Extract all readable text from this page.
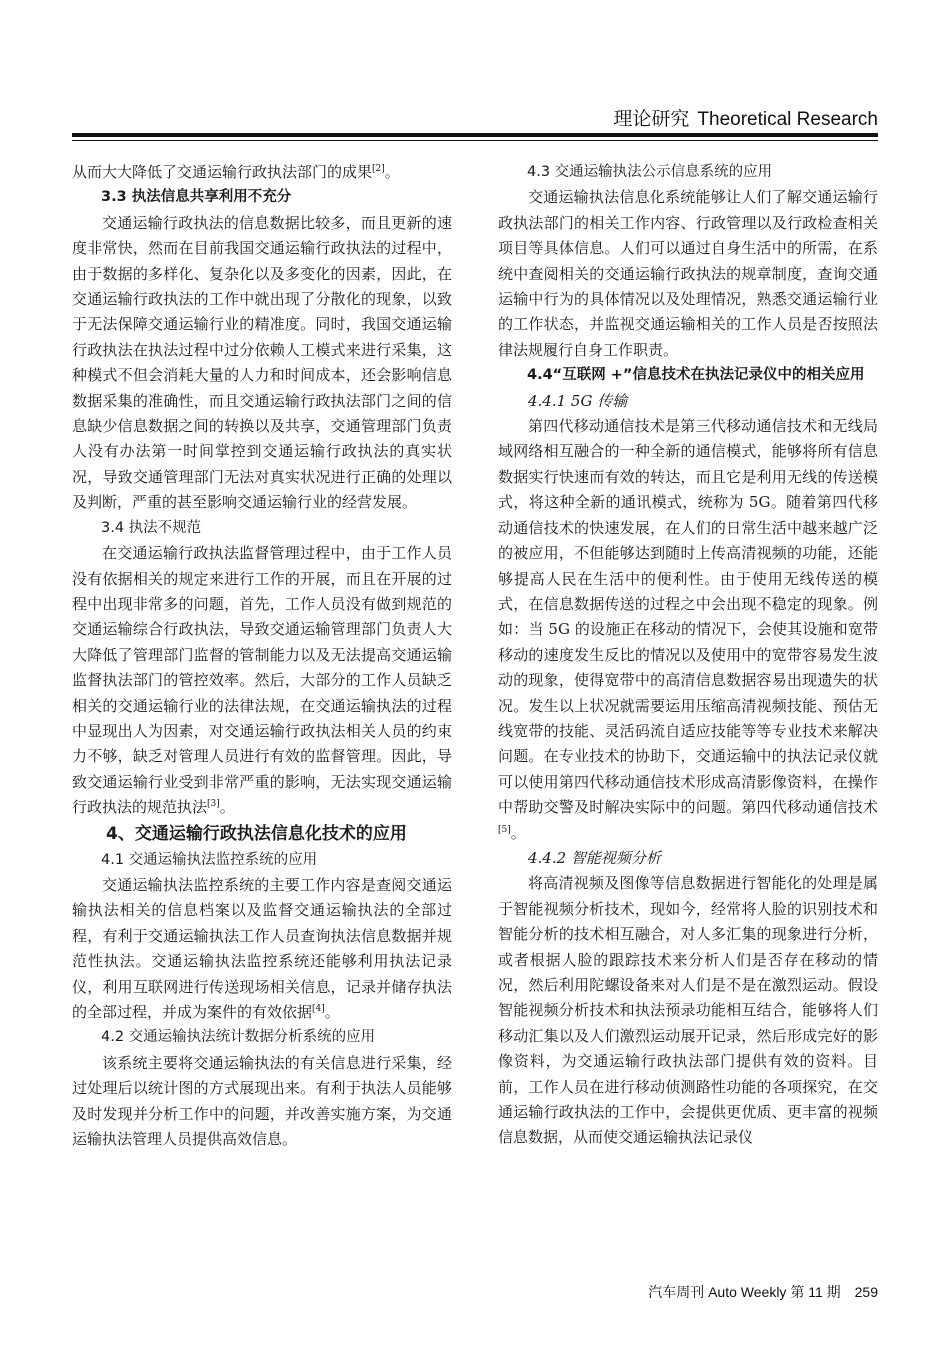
理论研究 Theoretical Research

从而大大降低了交通运输行政执法部门的成果[2]。

3.3 执法信息共享利用不充分

交通运输行政执法的信息数据比较多，而且更新的速度非常快，然而在目前我国交通运输行政执法的过程中，由于数据的多样化、复杂化以及多变化的因素，因此，在交通运输行政执法的工作中就出现了分散化的现象，以致于无法保障交通运输行业的精准度。同时，我国交通运输行政执法在执法过程中过分依赖人工模式来进行采集，这种模式不但会消耗大量的人力和时间成本，还会影响信息数据采集的准确性，而且交通运输行政执法部门之间的信息缺少信息数据之间的转换以及共享，交通管理部门负责人没有办法第一时间掌控到交通运输行政执法的真实状况，导致交通管理部门无法对真实状况进行正确的处理以及判断，严重的甚至影响交通运输行业的经营发展。

3.4 执法不规范

在交通运输行政执法监督管理过程中，由于工作人员没有依据相关的规定来进行工作的开展，而且在开展的过程中出现非常多的问题，首先，工作人员没有做到规范的交通运输综合行政执法，导致交通运输管理部门负责人大大降低了管理部门监督的管制能力以及无法提高交通运输监督执法部门的管控效率。然后，大部分的工作人员缺乏相关的交通运输行业的法律法规，在交通运输执法的过程中显现出人为因素，对交通运输行政执法相关人员的约束力不够，缺乏对管理人员进行有效的监督管理。因此，导致交通运输行业受到非常严重的影响，无法实现交通运输行政执法的规范执法[3]。

4、交通运输行政执法信息化技术的应用

4.1 交通运输执法监控系统的应用

交通运输执法监控系统的主要工作内容是查阅交通运输执法相关的信息档案以及监督交通运输执法的全部过程，有利于交通运输执法工作人员查询执法信息数据并规范性执法。交通运输执法监控系统还能够利用执法记录仪，利用互联网进行传送现场相关信息，记录并储存执法的全部过程，并成为案件的有效依据[4]。

4.2 交通运输执法统计数据分析系统的应用

该系统主要将交通运输执法的有关信息进行采集，经过处理后以统计图的方式展现出来。有利于执法人员能够及时发现并分析工作中的问题，并改善实施方案，为交通运输执法管理人员提供高效信息。

4.3 交通运输执法公示信息系统的应用

交通运输执法信息化系统能够让人们了解交通运输行政执法部门的相关工作内容、行政管理以及行政检查相关项目等具体信息。人们可以通过自身生活中的所需，在系统中查阅相关的交通运输行政执法的规章制度，查询交通运输中行为的具体情况以及处理情况，熟悉交通运输行业的工作状态，并监视交通运输相关的工作人员是否按照法律法规履行自身工作职责。

4.4“互联网 +”信息技术在执法记录仪中的相关应用

4.4.1 5G 传输

第四代移动通信技术是第三代移动通信技术和无线局域网络相互融合的一种全新的通信模式，能够将所有信息数据实行快速而有效的转达，而且它是利用无线的传送模式，将这种全新的通讯模式，统称为 5G。随着第四代移动通信技术的快速发展，在人们的日常生活中越来越广泛的被应用，不但能够达到随时上传高清视频的功能，还能够提高人民在生活中的便利性。由于使用无线传送的模式，在信息数据传送的过程之中会出现不稳定的现象。例如：当 5G 的设施正在移动的情况下，会使其设施和宽带移动的速度发生反比的情况以及使用中的宽带容易发生波动的现象，使得宽带中的高清信息数据容易出现遗失的状况。发生以上状况就需要运用压缩高清视频技能、预估无线宽带的技能、灵活码流自适应技能等等专业技术来解决问题。在专业技术的协助下，交通运输中的执法记录仪就可以使用第四代移动通信技术形成高清影像资料，在操作中帮助交警及时解决实际中的问题。第四代移动通信技术[5]。

4.4.2 智能视频分析

将高清视频及图像等信息数据进行智能化的处理是属于智能视频分析技术，现如今，经常将人脸的识别技术和智能分析的技术相互融合，对人多汇集的现象进行分析，或者根据人脸的跟踪技术来分析人们是否存在移动的情况，然后利用陀螺设备来对人们是不是在激烈运动。假设智能视频分析技术和执法预录功能相互结合，能够将人们移动汇集以及人们激烈运动展开记录，然后形成完好的影像资料，为交通运输行政执法部门提供有效的资料。目前，工作人员在进行移动侦测路性功能的各项探究，在交通运输行政执法的工作中，会提供更优质、更丰富的视频信息数据，从而使交通运输执法记录仪

汽车周刊 Auto Weekly 第 11 期 259
